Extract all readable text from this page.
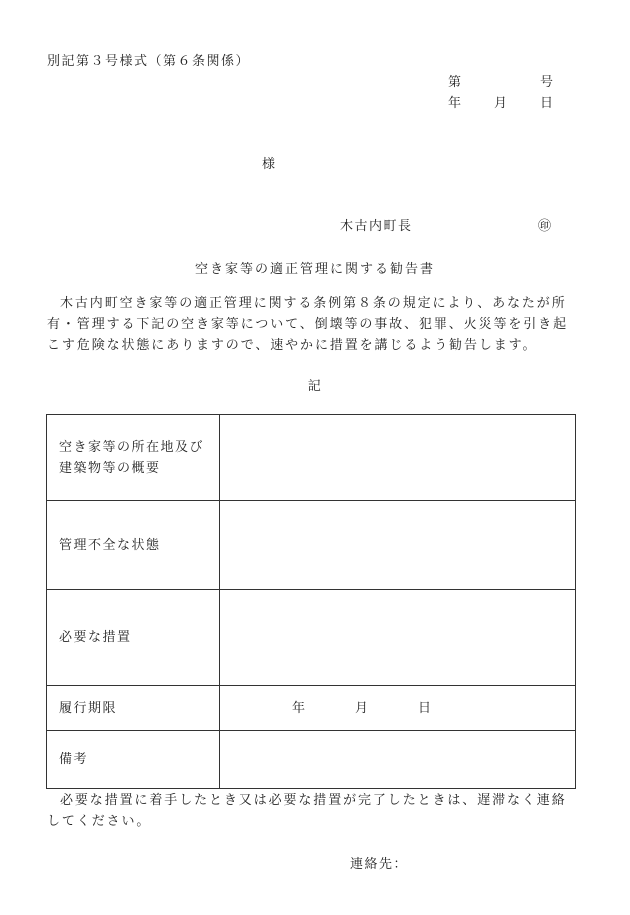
別記第３号様式（第６条関係）
第	号
年 月 日
様
木古内町長	㊞
空き家等の適正管理に関する勧告書
木古内町空き家等の適正管理に関する条例第８条の規定により、あなたが所有・管理する下記の空き家等について、倒壊等の事故、犯罪、火災等を引き起こす危険な状態にありますので、速やかに措置を講じるよう勧告します。
記
空き家等の所在地及び
建築物等の概要	

管理不全な状態	
必要な措置	
履行期限	年 月 日

備考	
必要な措置に着手したとき又は必要な措置が完了したときは、遅滞なく連絡してください。
連絡先：
